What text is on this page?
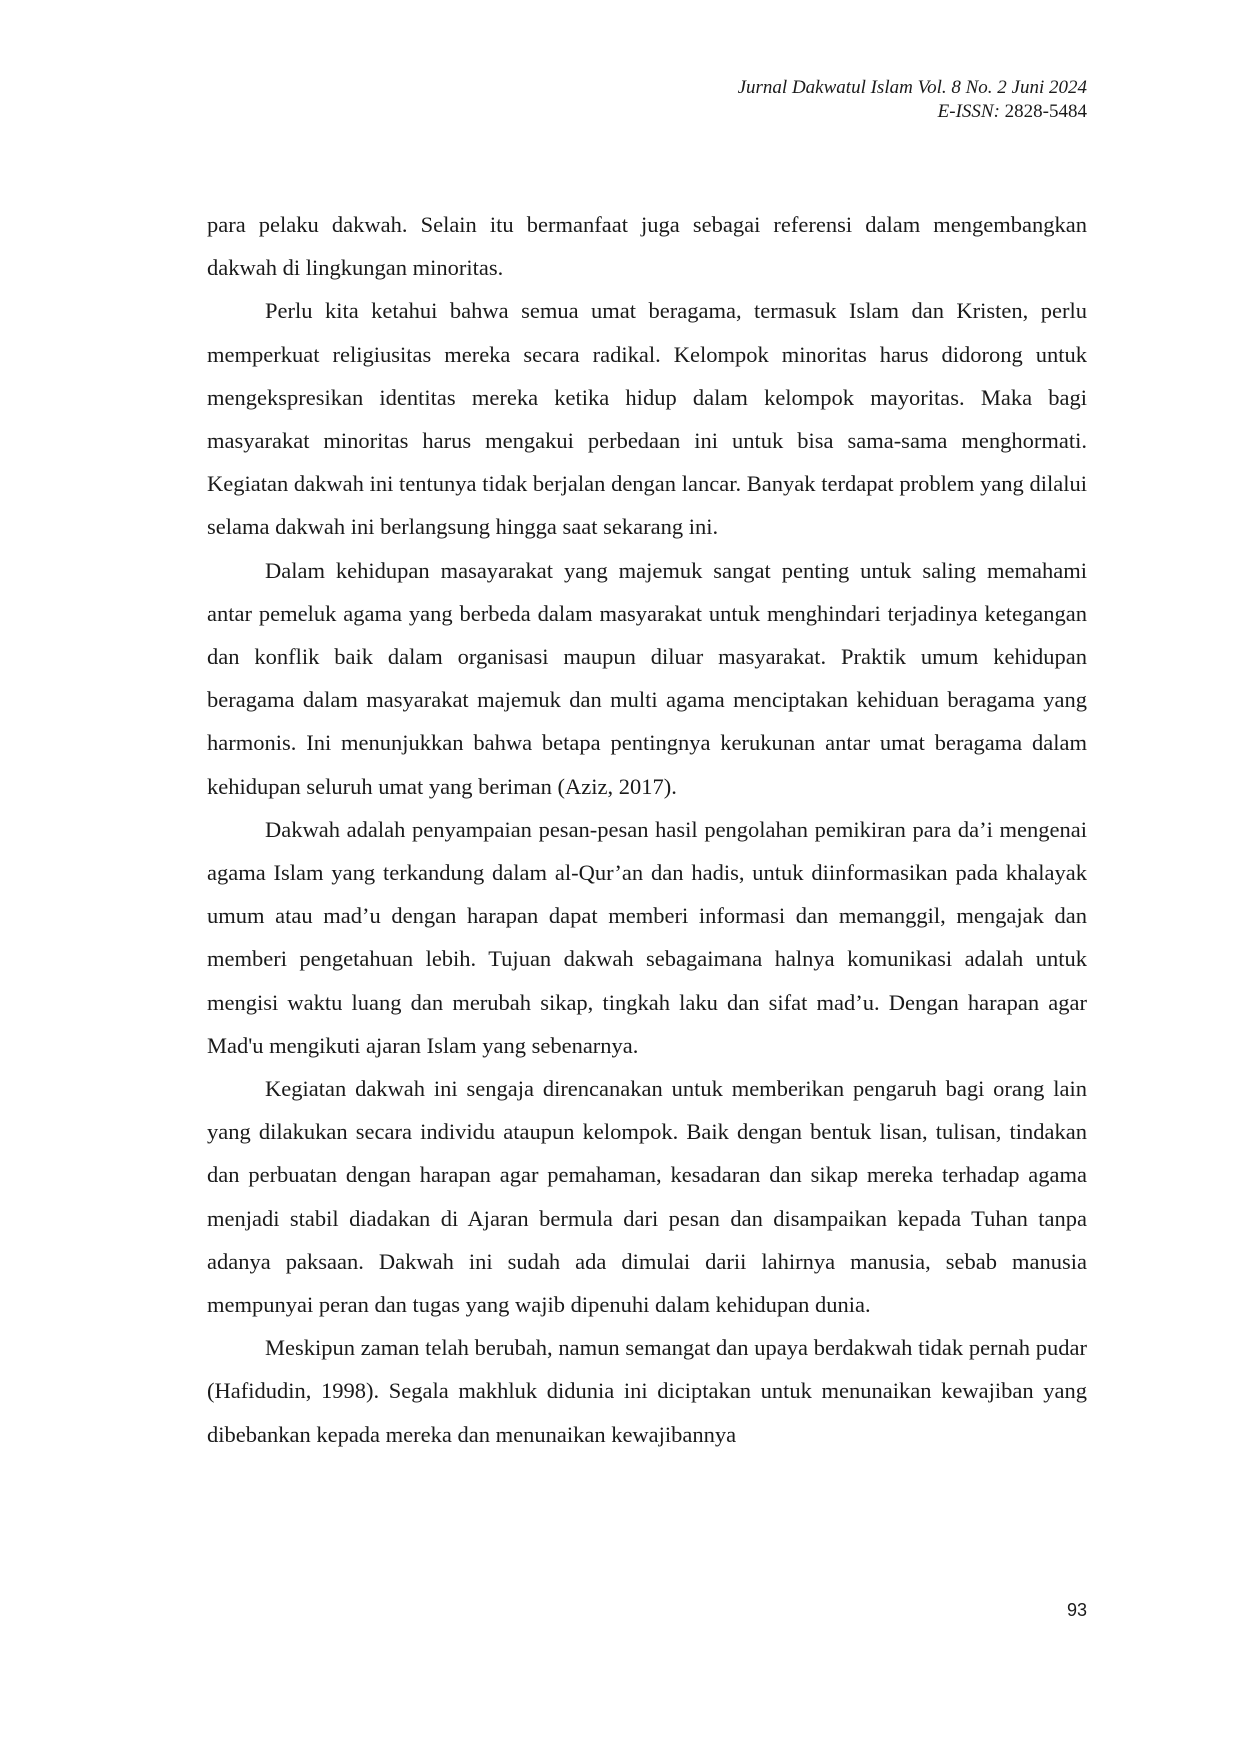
Jurnal Dakwatul Islam Vol. 8 No. 2 Juni 2024
E-ISSN: 2828-5484

para pelaku dakwah. Selain itu bermanfaat juga sebagai referensi dalam mengembangkan dakwah di lingkungan minoritas.

Perlu kita ketahui bahwa semua umat beragama, termasuk Islam dan Kristen, perlu memperkuat religiusitas mereka secara radikal. Kelompok minoritas harus didorong untuk mengekspresikan identitas mereka ketika hidup dalam kelompok mayoritas. Maka bagi masyarakat minoritas harus mengakui perbedaan ini untuk bisa sama-sama menghormati. Kegiatan dakwah ini tentunya tidak berjalan dengan lancar. Banyak terdapat problem yang dilalui selama dakwah ini berlangsung hingga saat sekarang ini.

Dalam kehidupan masayarakat yang majemuk sangat penting untuk saling memahami antar pemeluk agama yang berbeda dalam masyarakat untuk menghindari terjadinya ketegangan dan konflik baik dalam organisasi maupun diluar masyarakat. Praktik umum kehidupan beragama dalam masyarakat majemuk dan multi agama menciptakan kehiduan beragama yang harmonis. Ini menunjukkan bahwa betapa pentingnya kerukunan antar umat beragama dalam kehidupan seluruh umat yang beriman (Aziz, 2017).

Dakwah adalah penyampaian pesan-pesan hasil pengolahan pemikiran para da’i mengenai agama Islam yang terkandung dalam al-Qur’an dan hadis, untuk diinformasikan pada khalayak umum atau mad’u dengan harapan dapat memberi informasi dan memanggil, mengajak dan memberi pengetahuan lebih. Tujuan dakwah sebagaimana halnya komunikasi adalah untuk mengisi waktu luang dan merubah sikap, tingkah laku dan sifat mad’u. Dengan harapan agar Mad'u mengikuti ajaran Islam yang sebenarnya.

Kegiatan dakwah ini sengaja direncanakan untuk memberikan pengaruh bagi orang lain yang dilakukan secara individu ataupun kelompok. Baik dengan bentuk lisan, tulisan, tindakan dan perbuatan dengan harapan agar pemahaman, kesadaran dan sikap mereka terhadap agama menjadi stabil diadakan di Ajaran bermula dari pesan dan disampaikan kepada Tuhan tanpa adanya paksaan. Dakwah ini sudah ada dimulai darii lahirnya manusia, sebab manusia mempunyai peran dan tugas yang wajib dipenuhi dalam kehidupan dunia.

Meskipun zaman telah berubah, namun semangat dan upaya berdakwah tidak pernah pudar (Hafidudin, 1998). Segala makhluk didunia ini diciptakan untuk menunaikan kewajiban yang dibebankan kepada mereka dan menunaikan kewajibannya

93
